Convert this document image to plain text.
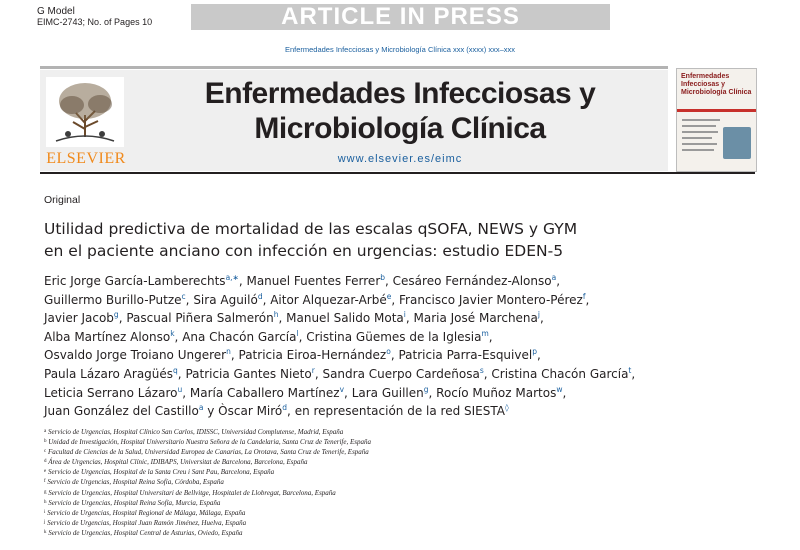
G Model
EIMC-2743; No. of Pages 10	ARTICLE IN PRESS
Enfermedades Infecciosas y Microbiología Clínica xxx (xxxx) xxx–xxx
ELSEVIER
Enfermedades Infecciosas y
Microbiología Clínica
www.elsevier.es/eimc
Enfermedades Infecciosas y Microbiología Clínica
Original
Utilidad predictiva de mortalidad de las escalas qSOFA, NEWS y GYM
en el paciente anciano con infección en urgencias: estudio EDEN-5
Eric Jorge García-Lamberechts$^{a,∗}$, Manuel Fuentes Ferrer$^b$, Cesáreo Fernández-Alonso$^a$,
Guillermo Burillo-Putze$^c$, Sira Aguiló$^d$, Aitor Alquezar-Arbé$^e$, Francisco Javier Montero-Pérez$^f$,
Javier Jacob$^g$, Pascual Piñera Salmerón$^h$, Manuel Salido Mota$^i$, Maria José Marchena$^j$,
Alba Martínez Alonso$^k$, Ana Chacón García$^l$, Cristina Güemes de la Iglesia$^m$,
Osvaldo Jorge Troiano Ungerer$^n$, Patricia Eiroa-Hernández$^o$, Patricia Parra-Esquivel$^p$,
Paula Lázaro Aragüés$^q$, Patricia Gantes Nieto$^r$, Sandra Cuerpo Cardeñosa$^s$, Cristina Chacón García$^t$,
Leticia Serrano Lázaro$^u$, María Caballero Martínez$^v$, Lara Guillen$^g$, Rocío Muñoz Martos$^w$,
Juan González del Castillo$^a$ y Òscar Miró$^d$, en representación de la red SIESTA◊
$^a$ Servicio de Urgencias, Hospital Clínico San Carlos, IDISSC, Universidad Complutense, Madrid, España
$^b$ Unidad de Investigación, Hospital Universitario Nuestra Señora de la Candelaria, Santa Cruz de Tenerife, España
$^c$ Facultad de Ciencias de la Salud, Universidad Europea de Canarias, La Orotava, Santa Cruz de Tenerife, España
$^d$ Área de Urgencias, Hospital Clínic, IDIBAPS, Universitat de Barcelona, Barcelona, España
$^e$ Servicio de Urgencias, Hospital de la Santa Creu i Sant Pau, Barcelona, España
$^f$ Servicio de Urgencias, Hospital Reina Sofía, Córdoba, España
$^g$ Servicio de Urgencias, Hospital Universitari de Bellvitge, Hospitalet de Llobregat, Barcelona, España
$^h$ Servicio de Urgencias, Hospital Reina Sofía, Murcia, España
$^i$ Servicio de Urgencias, Hospital Regional de Málaga, Málaga, España
$^j$ Servicio de Urgencias, Hospital Juan Ramón Jiménez, Huelva, España
$^k$ Servicio de Urgencias, Hospital Central de Asturias, Oviedo, España
